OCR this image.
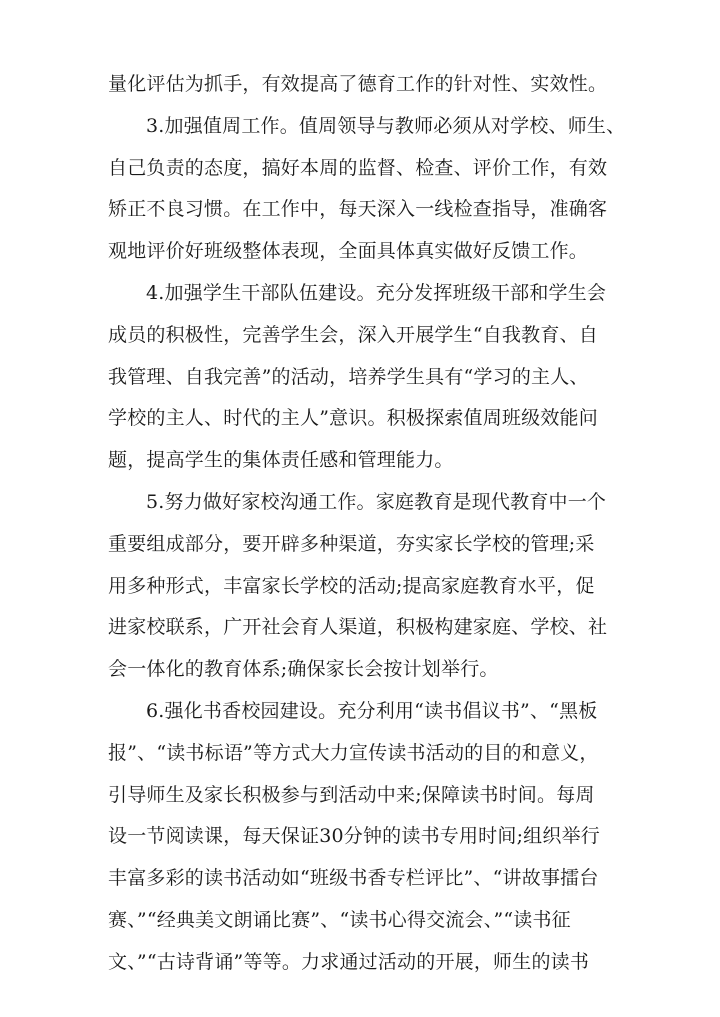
量化评估为抓手，有效提高了德育工作的针对性、实效性。
3.加强值周工作。值周领导与教师必须从对学校、师生、
自己负责的态度，搞好本周的监督、检查、评价工作，有效
矫正不良习惯。在工作中，每天深入一线检查指导，准确客
观地评价好班级整体表现，全面具体真实做好反馈工作。
4.加强学生干部队伍建设。充分发挥班级干部和学生会
成员的积极性，完善学生会，深入开展学生“自我教育、自
我管理、自我完善”的活动，培养学生具有“学习的主人、
学校的主人、时代的主人”意识。积极探索值周班级效能问
题，提高学生的集体责任感和管理能力。
5.努力做好家校沟通工作。家庭教育是现代教育中一个
重要组成部分，要开辟多种渠道，夯实家长学校的管理;采
用多种形式，丰富家长学校的活动;提高家庭教育水平，促
进家校联系，广开社会育人渠道，积极构建家庭、学校、社
会一体化的教育体系;确保家长会按计划举行。
6.强化书香校园建设。充分利用“读书倡议书”、“黑板
报”、“读书标语”等方式大力宣传读书活动的目的和意义，
引导师生及家长积极参与到活动中来;保障读书时间。每周
设一节阅读课，每天保证30分钟的读书专用时间;组织举行
丰富多彩的读书活动如“班级书香专栏评比”、“讲故事擂台
赛、”“经典美文朗诵比赛”、“读书心得交流会、”“读书征
文、”“古诗背诵”等等。力求通过活动的开展，师生的读书
